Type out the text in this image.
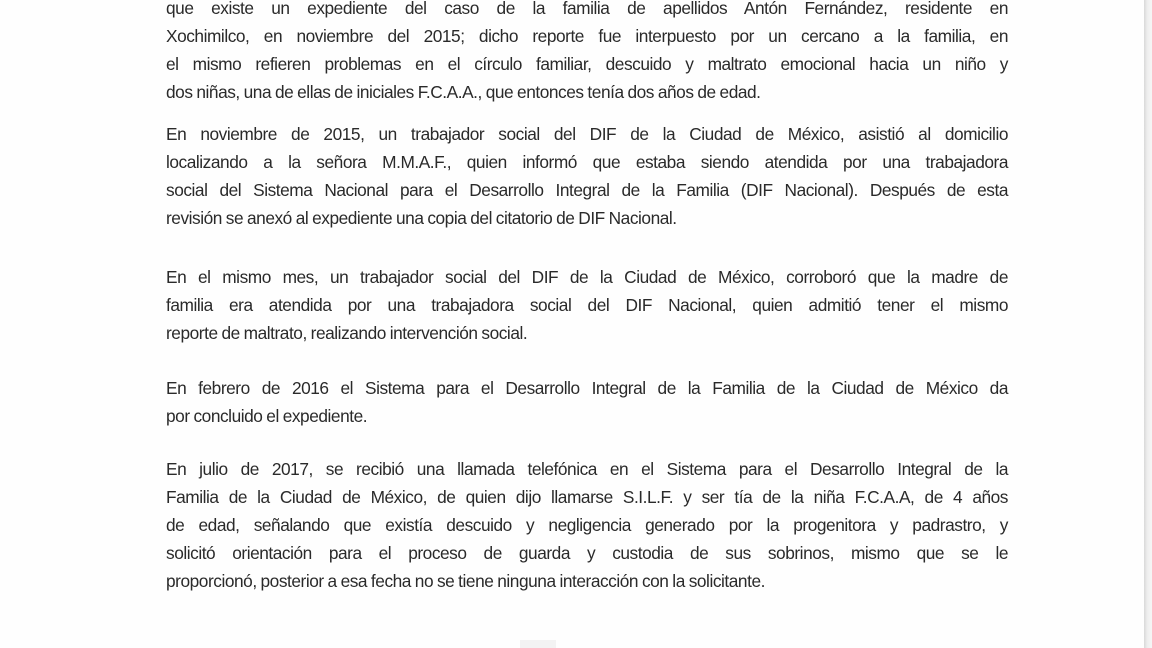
que existe un expediente del caso de la familia de apellidos Antón Fernández, residente en
Xochimilco, en noviembre del 2015; dicho reporte fue interpuesto por un cercano a la familia, en
el mismo refieren problemas en el círculo familiar, descuido y maltrato emocional hacia un niño y
dos niñas, una de ellas de iniciales F.C.A.A., que entonces tenía dos años de edad.
En noviembre de 2015, un trabajador social del DIF de la Ciudad de México, asistió al domicilio
localizando a la señora M.M.A.F., quien informó que estaba siendo atendida por una trabajadora
social del Sistema Nacional para el Desarrollo Integral de la Familia (DIF Nacional). Después de esta
revisión se anexó al expediente una copia del citatorio de DIF Nacional.
En el mismo mes, un trabajador social del DIF de la Ciudad de México, corroboró que la madre de
familia era atendida por una trabajadora social del DIF Nacional, quien admitió tener el mismo
reporte de maltrato, realizando intervención social.
En febrero de 2016 el Sistema para el Desarrollo Integral de la Familia de la Ciudad de México da
por concluido el expediente.
En julio de 2017, se recibió una llamada telefónica en el Sistema para el Desarrollo Integral de la
Familia de la Ciudad de México, de quien dijo llamarse S.I.L.F. y ser tía de la niña F.C.A.A, de 4 años
de edad, señalando que existía descuido y negligencia generado por la progenitora y padrastro, y
solicitó orientación para el proceso de guarda y custodia de sus sobrinos, mismo que se le
proporcionó, posterior a esa fecha no se tiene ninguna interacción con la solicitante.
